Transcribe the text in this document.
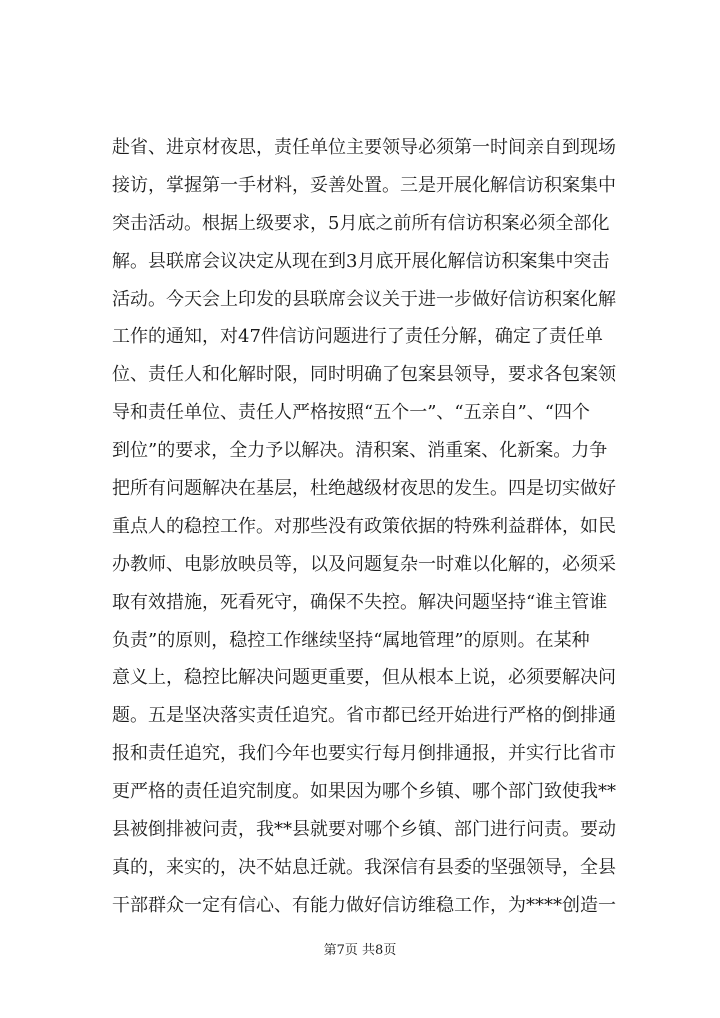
赴省、进京材夜思，责任单位主要领导必须第一时间亲自到现场
接访，掌握第一手材料，妥善处置。三是开展化解信访积案集中
突击活动。根据上级要求，5月底之前所有信访积案必须全部化
解。县联席会议决定从现在到3月底开展化解信访积案集中突击
活动。今天会上印发的县联席会议关于进一步做好信访积案化解
工作的通知，对47件信访问题进行了责任分解，确定了责任单
位、责任人和化解时限，同时明确了包案县领导，要求各包案领
导和责任单位、责任人严格按照“五个一”、“五亲自”、“四个
到位”的要求，全力予以解决。清积案、消重案、化新案。力争
把所有问题解决在基层，杜绝越级材夜思的发生。四是切实做好
重点人的稳控工作。对那些没有政策依据的特殊利益群体，如民
办教师、电影放映员等，以及问题复杂一时难以化解的，必须采
取有效措施，死看死守，确保不失控。解决问题坚持“谁主管谁
负责”的原则，稳控工作继续坚持“属地管理”的原则。在某种
意义上，稳控比解决问题更重要，但从根本上说，必须要解决问
题。五是坚决落实责任追究。省市都已经开始进行严格的倒排通
报和责任追究，我们今年也要实行每月倒排通报，并实行比省市
更严格的责任追究制度。如果因为哪个乡镇、哪个部门致使我**
县被倒排被问责，我**县就要对哪个乡镇、部门进行问责。要动
真的，来实的，决不姑息迁就。我深信有县委的坚强领导，全县
干部群众一定有信心、有能力做好信访维稳工作，为****创造一
第7页 共8页
